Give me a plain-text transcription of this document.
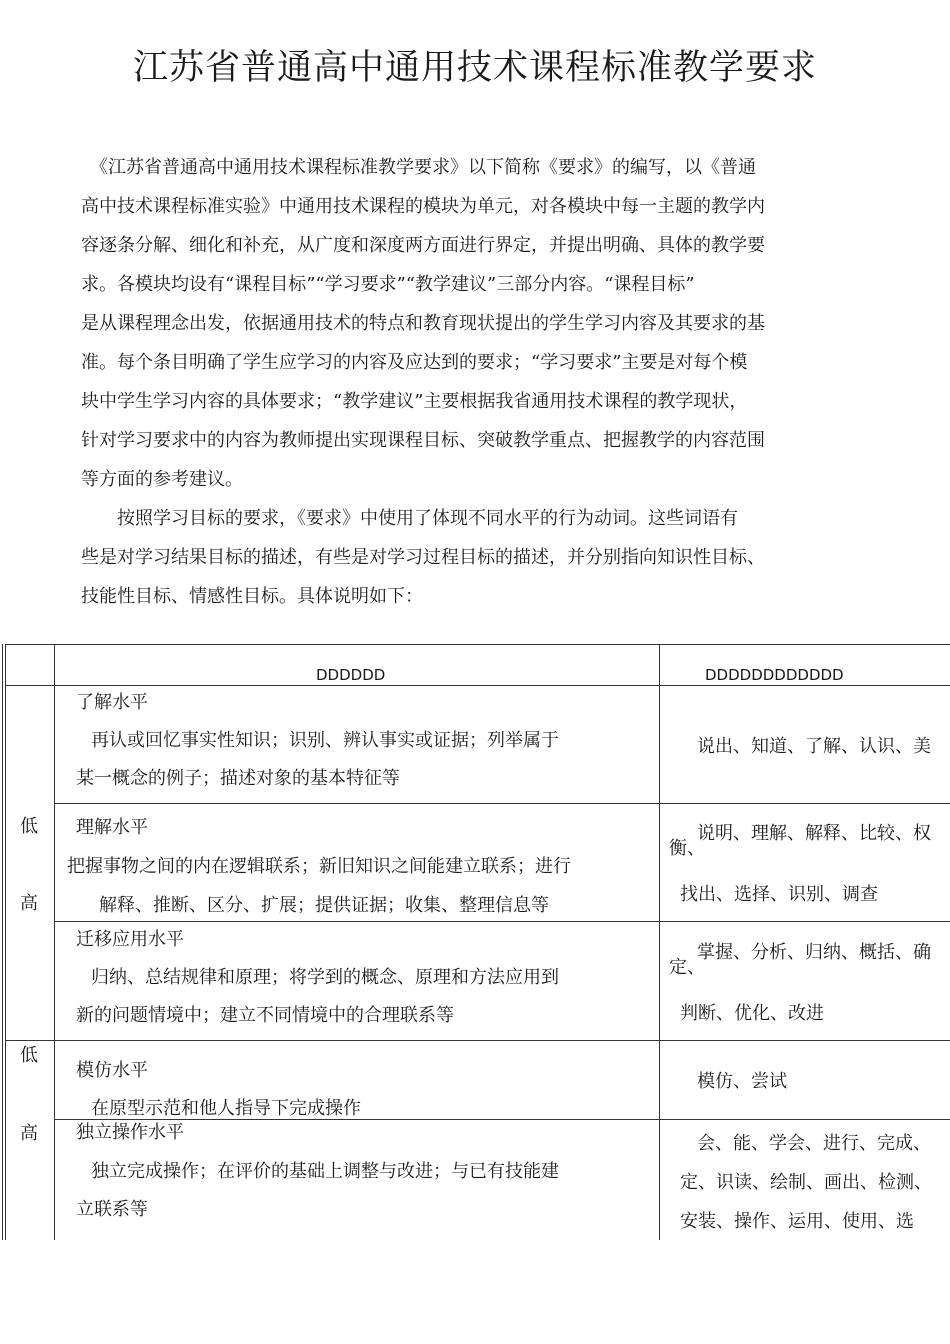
江苏省普通高中通用技术课程标准教学要求
　《江苏省普通高中通用技术课程标准教学要求》以下简称《要求》的编写，以《普通
高中技术课程标准实验》中通用技术课程的模块为单元，对各模块中每一主题的教学内
容逐条分解、细化和补充，从广度和深度两方面进行界定，并提出明确、具体的教学要
求。各模块均设有“课程目标”“学习要求”“教学建议”三部分内容。“课程目标”
是从课程理念出发，依据通用技术的特点和教育现状提出的学生学习内容及其要求的基
准。每个条目明确了学生应学习的内容及应达到的要求；“学习要求”主要是对每个模
块中学生学习内容的具体要求；“教学建议”主要根据我省通用技术课程的教学现状，
针对学习要求中的内容为教师提出实现课程目标、突破教学重点、把握教学的内容范围
等方面的参考建议。
　　按照学习目标的要求，《要求》中使用了体现不同水平的行为动词。这些词语有
些是对学习结果目标的描述，有些是对学习过程目标的描述，并分别指向知识性目标、
技能性目标、情感性目标。具体说明如下：
DDDDDD	DDDDDDDDDDDD
低
高
了解水平
再认或回忆事实性知识；识别、辨认事实或证据；列举属于
某一概念的例子；描述对象的基本特征等
说出、知道、了解、认识、美
理解水平
把握事物之间的内在逻辑联系；新旧知识之间能建立联系；进行
解释、推断、区分、扩展；提供证据；收集、整理信息等
说明、理解、解释、比较、权
衡、
找出、选择、识别、调查
迁移应用水平
归纳、总结规律和原理；将学到的概念、原理和方法应用到
新的问题情境中；建立不同情境中的合理联系等
掌握、分析、归纳、概括、确
定、
判断、优化、改进
低
高
模仿水平
在原型示范和他人指导下完成操作
模仿、尝试
独立操作水平
独立完成操作；在评价的基础上调整与改进；与已有技能建
立联系等
会、能、学会、进行、完成、
定、识读、绘制、画出、检测、
安装、操作、运用、使用、选
